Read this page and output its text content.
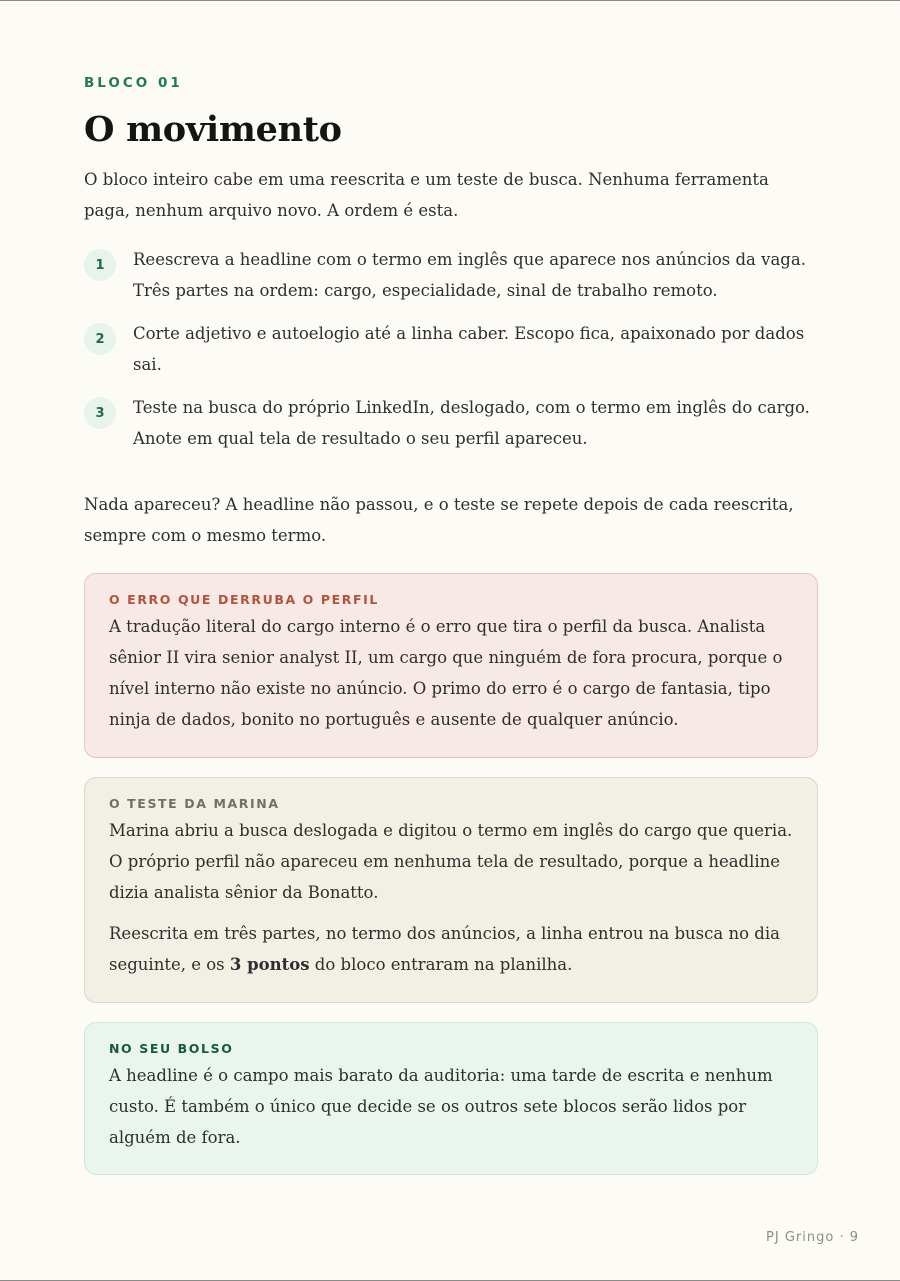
BLOCO 01
O movimento

O bloco inteiro cabe em uma reescrita e um teste de busca. Nenhuma ferramenta paga, nenhum arquivo novo. A ordem é esta.

1	Reescreva a headline com o termo em inglês que aparece nos anúncios da vaga. Três partes na ordem: cargo, especialidade, sinal de trabalho remoto.

2	Corte adjetivo e autoelogio até a linha caber. Escopo fica, apaixonado por dados sai.

3	Teste na busca do próprio LinkedIn, deslogado, com o termo em inglês do cargo. Anote em qual tela de resultado o seu perfil apareceu.

Nada apareceu? A headline não passou, e o teste se repete depois de cada reescrita, sempre com o mesmo termo.

O ERRO QUE DERRUBA O PERFIL

A tradução literal do cargo interno é o erro que tira o perfil da busca. Analista sênior II vira senior analyst II, um cargo que ninguém de fora procura, porque o nível interno não existe no anúncio. O primo do erro é o cargo de fantasia, tipo ninja de dados, bonito no português e ausente de qualquer anúncio.

O TESTE DA MARINA

Marina abriu a busca deslogada e digitou o termo em inglês do cargo que queria. O próprio perfil não apareceu em nenhuma tela de resultado, porque a headline dizia analista sênior da Bonatto.

Reescrita em três partes, no termo dos anúncios, a linha entrou na busca no dia seguinte, e os 3 pontos do bloco entraram na planilha.

NO SEU BOLSO

A headline é o campo mais barato da auditoria: uma tarde de escrita e nenhum custo. É também o único que decide se os outros sete blocos serão lidos por alguém de fora.

PJ Gringo · 9
